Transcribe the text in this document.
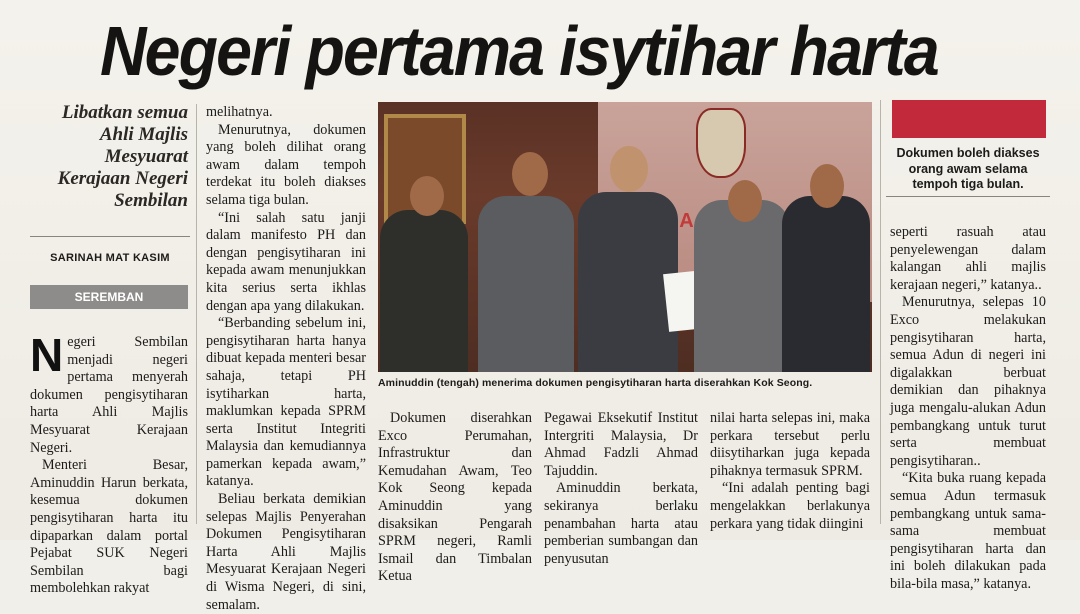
Negeri pertama isytihar harta
Libatkan semua Ahli Majlis Mesyuarat Kerajaan Negeri Sembilan
SARINAH MAT KASIM
SEREMBAN

Negeri Sembilan menjadi negeri pertama menyerah dokumen pengisytiharan harta Ahli Majlis Mesyuarat Kerajaan Negeri.

Menteri Besar, Aminuddin Harun berkata, kesemua dokumen pengisytiharan harta itu dipaparkan dalam portal Pejabat SUK Negeri Sembilan bagi membolehkan rakyat

melihatnya.

Menurutnya, dokumen yang boleh dilihat orang awam dalam tempoh terdekat itu boleh diakses selama tiga bulan.

“Ini salah satu janji dalam manifesto PH dan dengan pengisytiharan ini kepada awam menunjukkan kita serius serta ikhlas dengan apa yang dilakukan.

“Berbanding sebelum ini, pengisytiharan harta hanya dibuat kepada menteri besar sahaja, tetapi PH isytiharkan harta, maklumkan kepada SPRM serta Institut Integriti Malaysia dan kemudiannya pamerkan kepada awam,” katanya.

Beliau berkata demikian selepas Majlis Penyerahan Dokumen Pengisytiharan Harta Ahli Majlis Mesyuarat Kerajaan Negeri di Wisma Negeri, di sini, semalam.

Aminuddin (tengah) menerima dokumen pengisytiharan harta diserahkan Kok Seong.

Dokumen diserahkan Exco Perumahan, Infrastruktur dan Kemudahan Awam, Teo Kok Seong kepada Aminuddin yang disaksikan Pengarah SPRM negeri, Ramli Ismail dan Timbalan Ketua

Pegawai Eksekutif Institut Intergriti Malaysia, Dr Ahmad Fadzli Ahmad Tajuddin.

Aminuddin berkata, sekiranya berlaku penambahan harta atau pemberian sumbangan dan penyusutan

nilai harta selepas ini, maka perkara tersebut perlu diisytiharkan juga kepada pihaknya termasuk SPRM.

“Ini adalah penting bagi mengelakkan berlakunya perkara yang tidak diingini

Dokumen boleh diakses orang awam selama tempoh tiga bulan.

seperti rasuah atau penyelewengan dalam kalangan ahli majlis kerajaan negeri,” katanya..

Menurutnya, selepas 10 Exco melakukan pengisytiharan harta, semua Adun di negeri ini digalakkan berbuat demikian dan pihaknya juga mengalu-alukan Adun pembangkang untuk turut serta membuat pengisytiharan..

“Kita buka ruang kepada semua Adun termasuk pembangkang untuk sama-sama membuat pengisytiharan harta dan ini boleh dilakukan pada bila-bila masa,” katanya.
